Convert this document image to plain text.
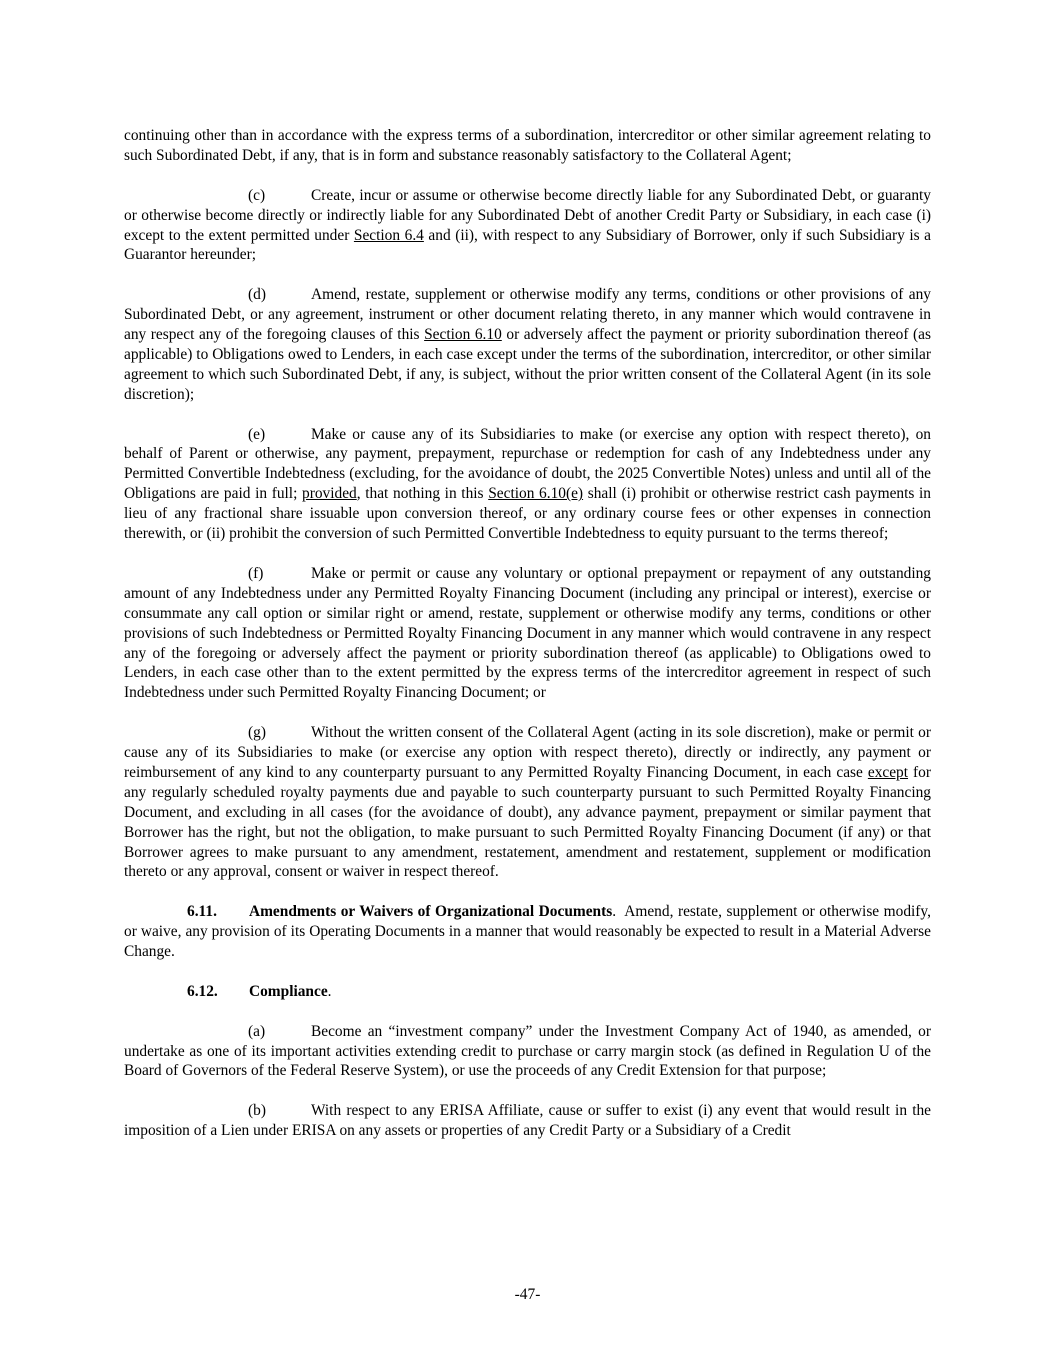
continuing other than in accordance with the express terms of a subordination, intercreditor or other similar agreement relating to such Subordinated Debt, if any, that is in form and substance reasonably satisfactory to the Collateral Agent;

(c)	Create, incur or assume or otherwise become directly liable for any Subordinated Debt, or guaranty or otherwise become directly or indirectly liable for any Subordinated Debt of another Credit Party or Subsidiary, in each case (i) except to the extent permitted under Section 6.4 and (ii), with respect to any Subsidiary of Borrower, only if such Subsidiary is a Guarantor hereunder;

(d)	Amend, restate, supplement or otherwise modify any terms, conditions or other provisions of any Subordinated Debt, or any agreement, instrument or other document relating thereto, in any manner which would contravene in any respect any of the foregoing clauses of this Section 6.10 or adversely affect the payment or priority subordination thereof (as applicable) to Obligations owed to Lenders, in each case except under the terms of the subordination, intercreditor, or other similar agreement to which such Subordinated Debt, if any, is subject, without the prior written consent of the Collateral Agent (in its sole discretion);

(e)	Make or cause any of its Subsidiaries to make (or exercise any option with respect thereto), on behalf of Parent or otherwise, any payment, prepayment, repurchase or redemption for cash of any Indebtedness under any Permitted Convertible Indebtedness (excluding, for the avoidance of doubt, the 2025 Convertible Notes) unless and until all of the Obligations are paid in full; provided, that nothing in this Section 6.10(e) shall (i) prohibit or otherwise restrict cash payments in lieu of any fractional share issuable upon conversion thereof, or any ordinary course fees or other expenses in connection therewith, or (ii) prohibit the conversion of such Permitted Convertible Indebtedness to equity pursuant to the terms thereof;

(f)	Make or permit or cause any voluntary or optional prepayment or repayment of any outstanding amount of any Indebtedness under any Permitted Royalty Financing Document (including any principal or interest), exercise or consummate any call option or similar right or amend, restate, supplement or otherwise modify any terms, conditions or other provisions of such Indebtedness or Permitted Royalty Financing Document in any manner which would contravene in any respect any of the foregoing or adversely affect the payment or priority subordination thereof (as applicable) to Obligations owed to Lenders, in each case other than to the extent permitted by the express terms of the intercreditor agreement in respect of such Indebtedness under such Permitted Royalty Financing Document; or

(g)	Without the written consent of the Collateral Agent (acting in its sole discretion), make or permit or cause any of its Subsidiaries to make (or exercise any option with respect thereto), directly or indirectly, any payment or reimbursement of any kind to any counterparty pursuant to any Permitted Royalty Financing Document, in each case except for any regularly scheduled royalty payments due and payable to such counterparty pursuant to such Permitted Royalty Financing Document, and excluding in all cases (for the avoidance of doubt), any advance payment, prepayment or similar payment that Borrower has the right, but not the obligation, to make pursuant to such Permitted Royalty Financing Document (if any) or that Borrower agrees to make pursuant to any amendment, restatement, amendment and restatement, supplement or modification thereto or any approval, consent or waiver in respect thereof.

6.11. Amendments or Waivers of Organizational Documents. Amend, restate, supplement or otherwise modify, or waive, any provision of its Operating Documents in a manner that would reasonably be expected to result in a Material Adverse Change.

6.12. Compliance.

(a)	Become an “investment company” under the Investment Company Act of 1940, as amended, or undertake as one of its important activities extending credit to purchase or carry margin stock (as defined in Regulation U of the Board of Governors of the Federal Reserve System), or use the proceeds of any Credit Extension for that purpose;

(b)	With respect to any ERISA Affiliate, cause or suffer to exist (i) any event that would result in the imposition of a Lien under ERISA on any assets or properties of any Credit Party or a Subsidiary of a Credit

-47-
